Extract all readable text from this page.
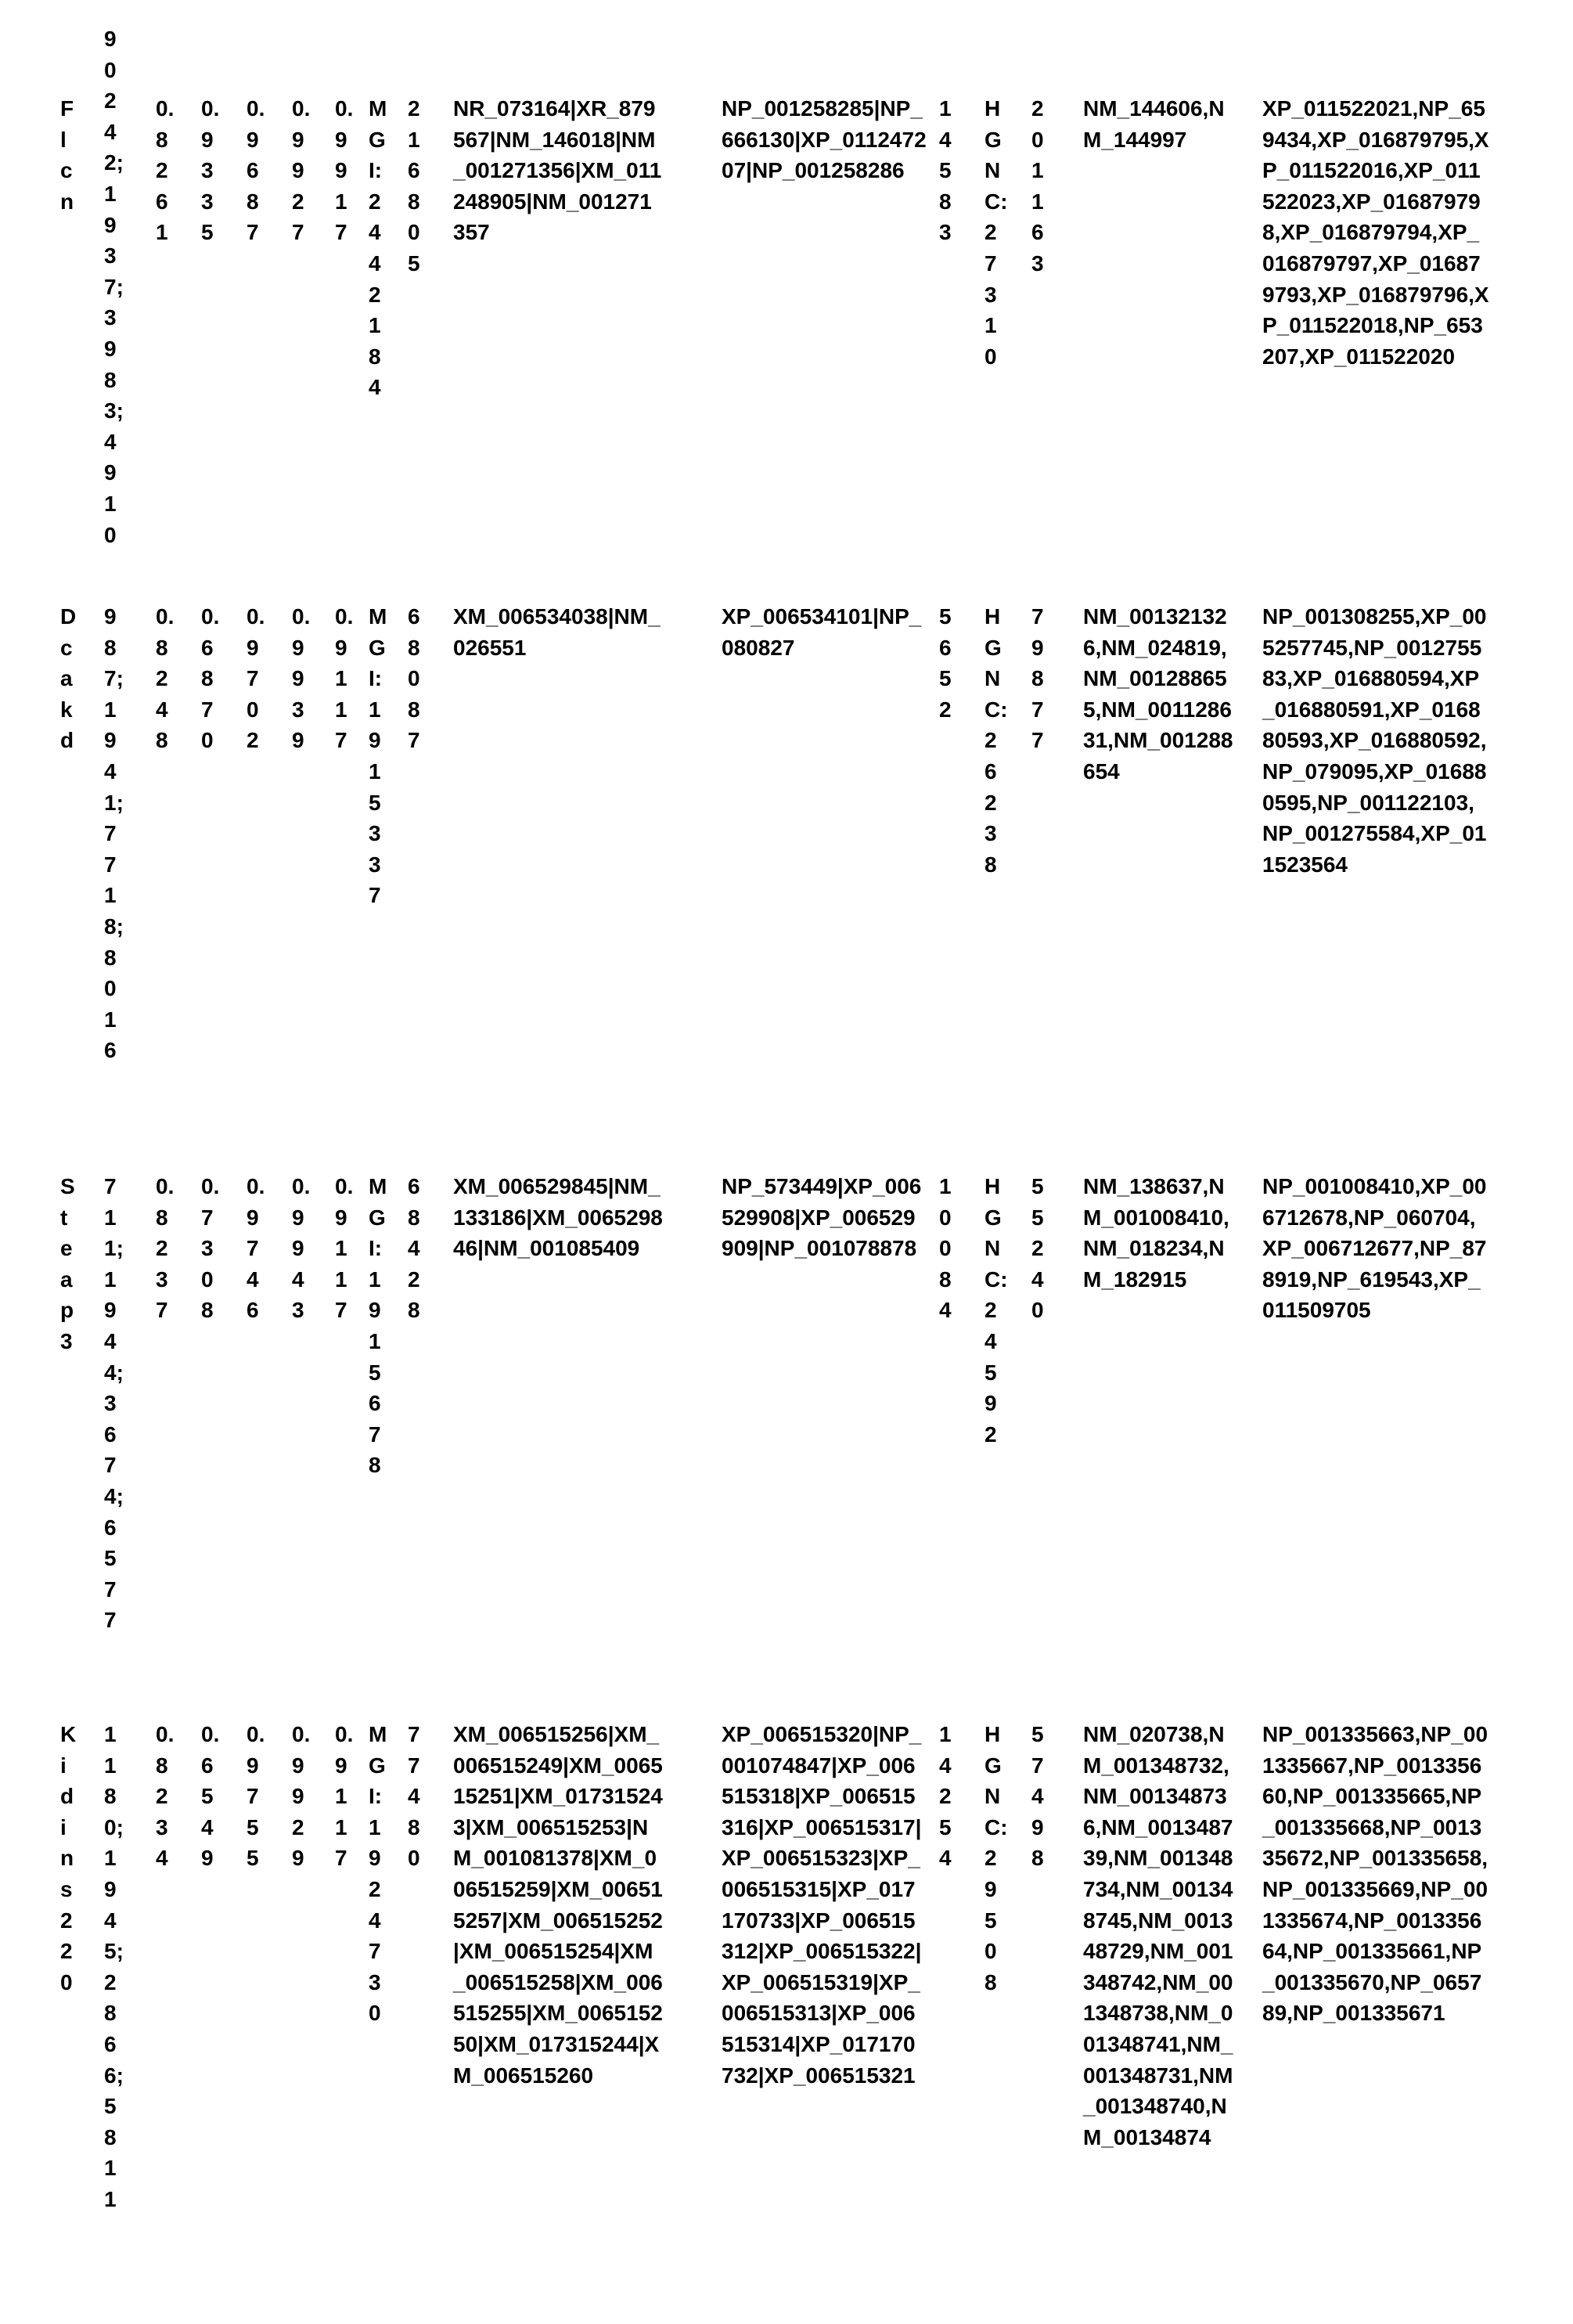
Flcn
90242;1937;3983;4910
0.8261
0.9335
0.9687
0.9927
0.9917
MGI:2442184
216805
NR_073164|XR_879567|NM_146018|NM_001271356|XM_011248905|NM_001271357
NP_001258285|NP_666130|XP_011247207|NP_001258286
14583
HGNC:27310
201163
NM_144606,NM_144997
XP_011522021,NP_659434,XP_016879795,XP_011522016,XP_011522023,XP_016879798,XP_016879794,XP_016879797,XP_016879793,XP_016879796,XP_011522018,NP_653207,XP_011522020
Dcakd
987;1941;7718;8016
0.8248
0.6870
0.9702
0.9939
0.9117
MGI:1915337
68087
XM_006534038|NM_026551
XP_006534101|NP_080827
5652
HGNC:26238
79877
NM_001321326,NM_024819,NM_001288655,NM_001128631,NM_001288654
NP_001308255,XP_005257745,NP_001275583,XP_016880594,XP_016880591,XP_016880593,XP_016880592,NP_079095,XP_016880595,NP_001122103,NP_001275584,XP_011523564
Steap3
711;1944;3674;6577
0.8237
0.7308
0.9746
0.9943
0.9117
MGI:1915678
68428
XM_006529845|NM_133186|XM_006529846|NM_001085409
NP_573449|XP_006529908|XP_006529909|NP_001078878
10084
HGNC:24592
55240
NM_138637,NM_001008410,NM_018234,NM_182915
NP_001008410,XP_006712678,NP_060704,XP_006712677,NP_878919,NP_619543,XP_011509705
Kidins220
1180;1945;2866;5811
0.8234
0.6549
0.9755
0.9929
0.9117
MGI:1924730
77480
XM_006515256|XM_006515249|XM_006515251|XM_017315243|XM_006515253|NM_001081378|XM_006515259|XM_006515257|XM_006515252|XM_006515254|XM_006515258|XM_006515255|XM_006515250|XM_017315244|XM_006515260
XP_006515320|NP_001074847|XP_006515318|XP_006515316|XP_006515317|XP_006515323|XP_006515315|XP_017170733|XP_006515312|XP_006515322|XP_006515319|XP_006515313|XP_006515314|XP_017170732|XP_006515321
14254
HGNC:29508
57498
NM_020738,NM_001348732,NM_001348736,NM_001348739,NM_001348734,NM_001348745,NM_001348729,NM_001348742,NM_001348738,NM_001348741,NM_001348731,NM_001348740,NM_00134874
NP_001335663,NP_001335667,NP_001335660,NP_001335665,NP_001335668,NP_001335672,NP_001335658,NP_001335669,NP_001335674,NP_001335664,NP_001335661,NP_001335670,NP_065789,NP_001335671
